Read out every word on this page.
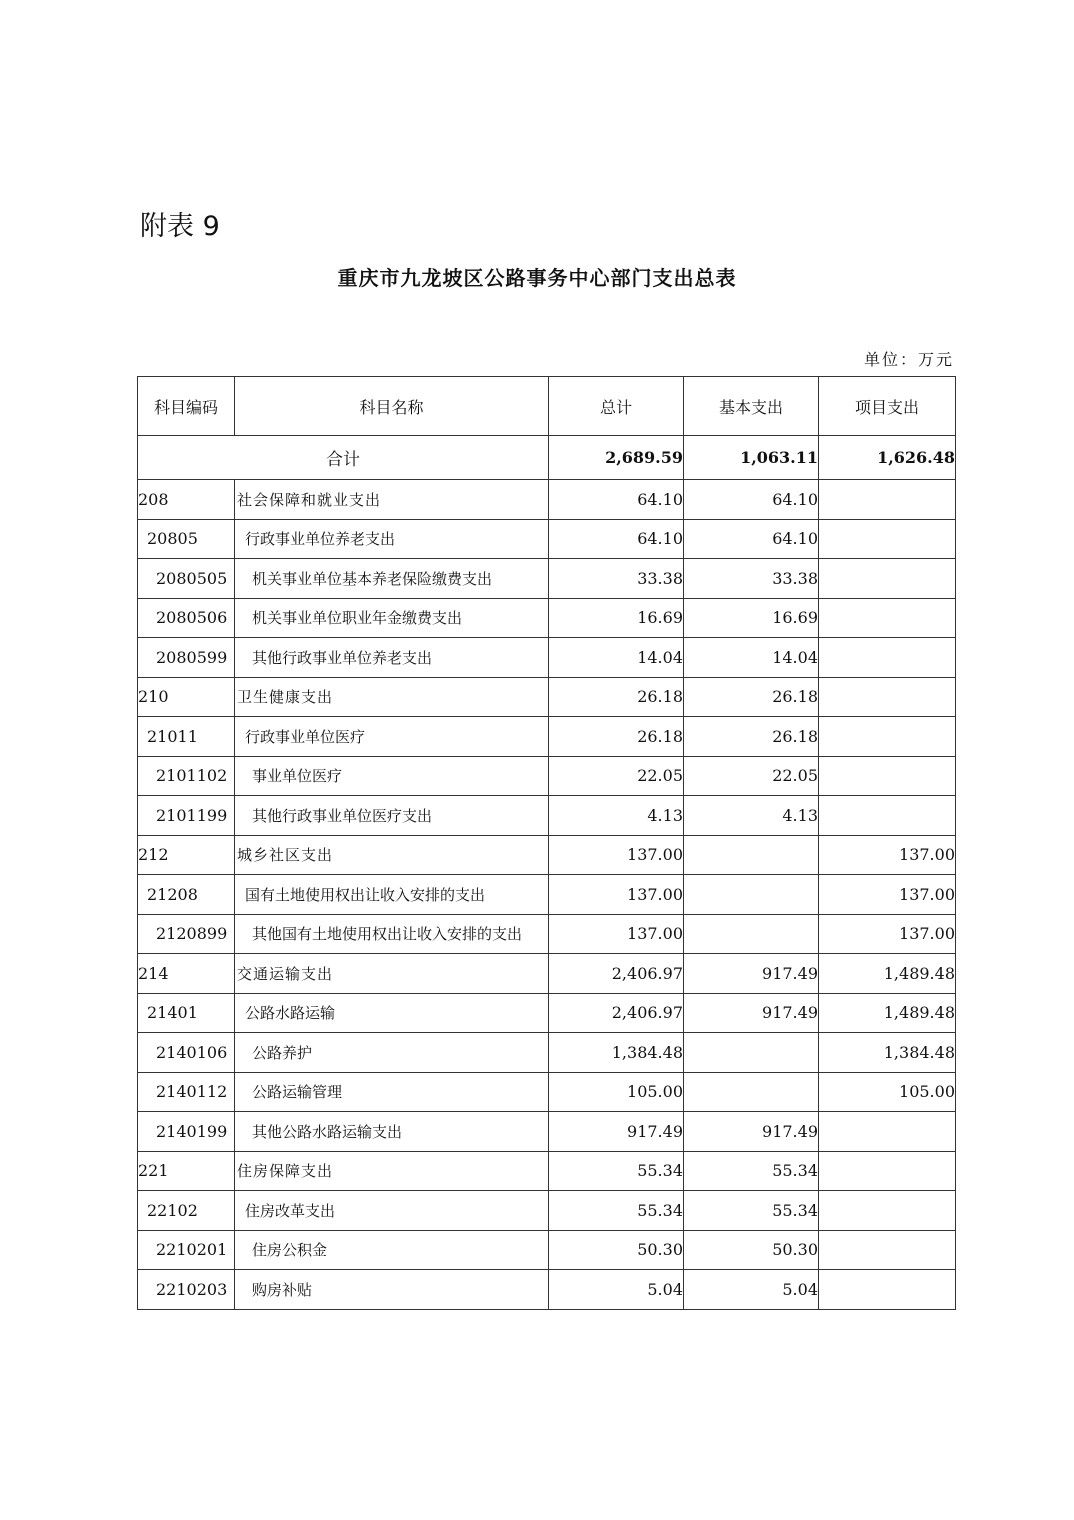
附表 9
重庆市九龙坡区公路事务中心部门支出总表
单位：万元
科目编码	科目名称	总计	基本支出	项目支出
合计		2,689.59	1,063.11	1,626.48
208	社会保障和就业支出	64.10	64.10	
20805	行政事业单位养老支出	64.10	64.10	
2080505	机关事业单位基本养老保险缴费支出	33.38	33.38	
2080506	机关事业单位职业年金缴费支出	16.69	16.69	
2080599	其他行政事业单位养老支出	14.04	14.04	
210	卫生健康支出	26.18	26.18	
21011	行政事业单位医疗	26.18	26.18	
2101102	事业单位医疗	22.05	22.05	
2101199	其他行政事业单位医疗支出	4.13	4.13	
212	城乡社区支出	137.00		137.00
21208	国有土地使用权出让收入安排的支出	137.00		137.00
2120899	其他国有土地使用权出让收入安排的支出	137.00		137.00
214	交通运输支出	2,406.97	917.49	1,489.48
21401	公路水路运输	2,406.97	917.49	1,489.48
2140106	公路养护	1,384.48		1,384.48
2140112	公路运输管理	105.00		105.00
2140199	其他公路水路运输支出	917.49	917.49	
221	住房保障支出	55.34	55.34	
22102	住房改革支出	55.34	55.34	
2210201	住房公积金	50.30	50.30	
2210203	购房补贴	5.04	5.04	
